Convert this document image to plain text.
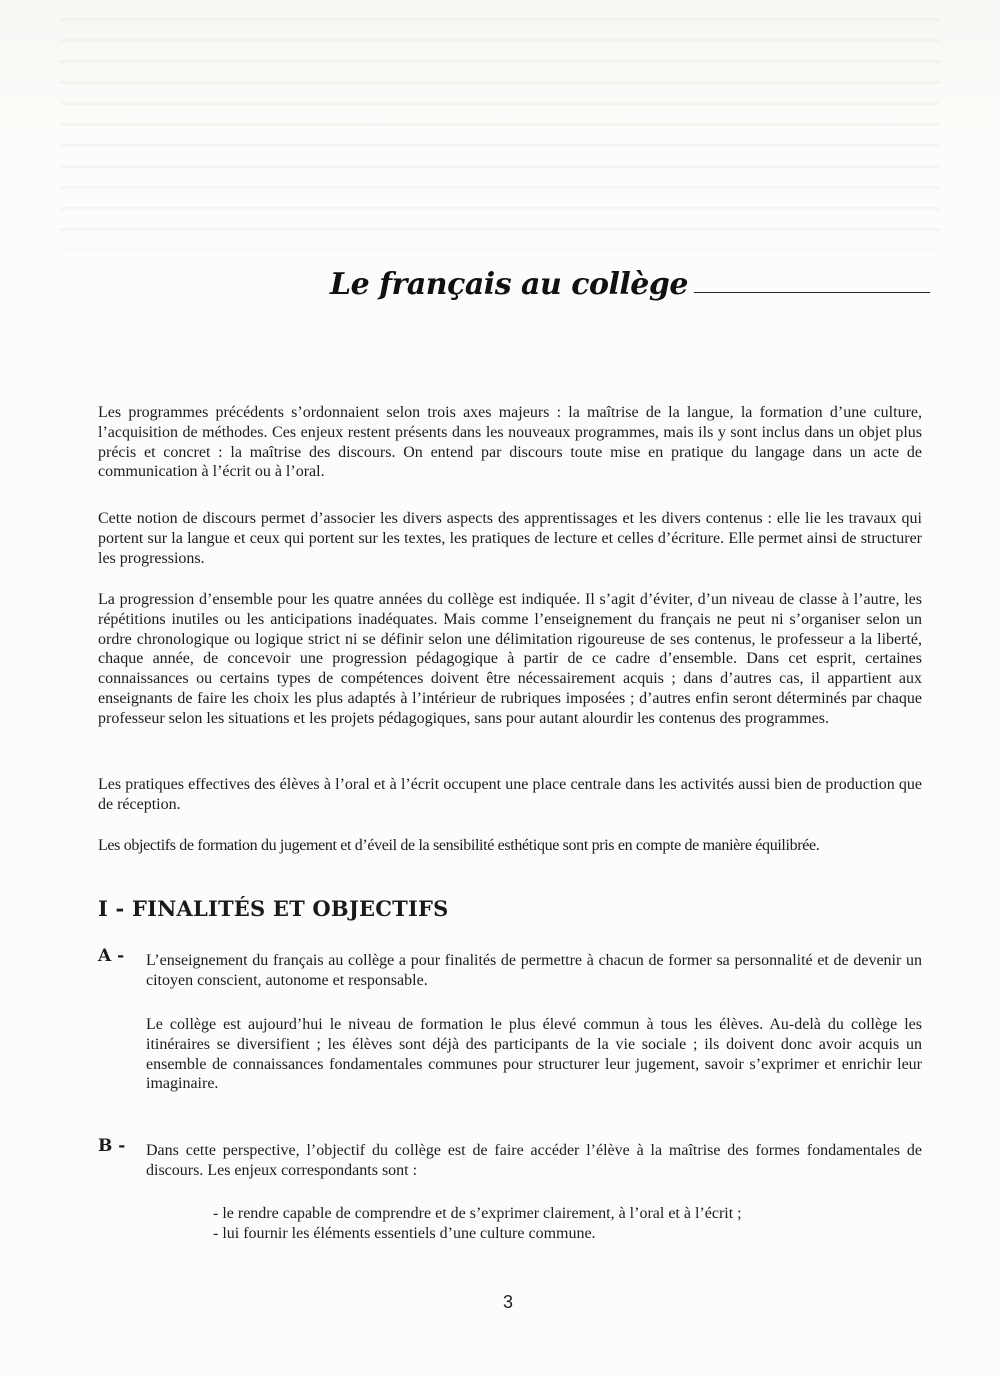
Le français au collège
Les programmes précédents s’ordonnaient selon trois axes majeurs : la maîtrise de la langue, la formation d’une culture, l’acquisition de méthodes. Ces enjeux restent présents dans les nouveaux programmes, mais ils y sont inclus dans un objet plus précis et concret : la maîtrise des discours. On entend par discours toute mise en pratique du langage dans un acte de communication à l’écrit ou à l’oral.
Cette notion de discours permet d’associer les divers aspects des apprentissages et les divers contenus : elle lie les travaux qui portent sur la langue et ceux qui portent sur les textes, les pratiques de lecture et celles d’écriture. Elle permet ainsi de structurer les progressions.
La progression d’ensemble pour les quatre années du collège est indiquée. Il s’agit d’éviter, d’un niveau de classe à l’autre, les répétitions inutiles ou les anticipations inadéquates. Mais comme l’enseignement du français ne peut ni s’organiser selon un ordre chronologique ou logique strict ni se définir selon une délimitation rigoureuse de ses contenus, le professeur a la liberté, chaque année, de concevoir une progression pédagogique à partir de ce cadre d’ensemble. Dans cet esprit, certaines connaissances ou certains types de compétences doivent être nécessairement acquis ; dans d’autres cas, il appartient aux enseignants de faire les choix les plus adaptés à l’intérieur de rubriques imposées ; d’autres enfin seront déterminés par chaque professeur selon les situations et les projets pédagogiques, sans pour autant alourdir les contenus des programmes.
Les pratiques effectives des élèves à l’oral et à l’écrit occupent une place centrale dans les activités aussi bien de production que de réception.
Les objectifs de formation du jugement et d’éveil de la sensibilité esthétique sont pris en compte de manière équilibrée.
I - FINALITÉS ET OBJECTIFS
A - L’enseignement du français au collège a pour finalités de permettre à chacun de former sa personnalité et de devenir un citoyen conscient, autonome et responsable.
Le collège est aujourd’hui le niveau de formation le plus élevé commun à tous les élèves. Au-delà du collège les itinéraires se diversifient ; les élèves sont déjà des participants de la vie sociale ; ils doivent donc avoir acquis un ensemble de connaissances fondamentales communes pour structurer leur jugement, savoir s’exprimer et enrichir leur imaginaire.
B - Dans cette perspective, l’objectif du collège est de faire accéder l’élève à la maîtrise des formes fondamentales de discours. Les enjeux correspondants sont :
- le rendre capable de comprendre et de s’exprimer clairement, à l’oral et à l’écrit ;
- lui fournir les éléments essentiels d’une culture commune.
3
